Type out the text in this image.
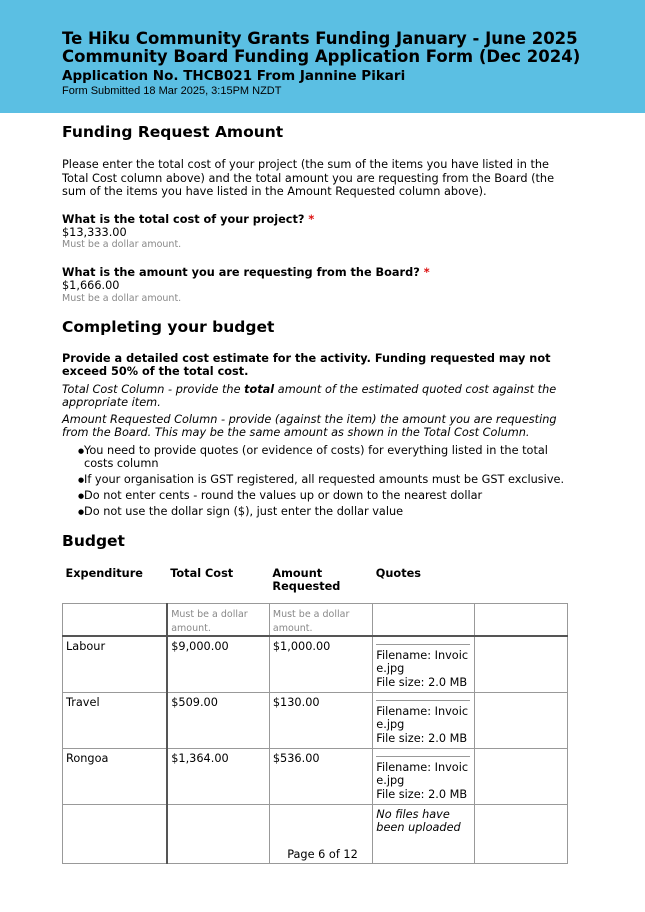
Te Hiku Community Grants Funding January - June 2025
Community Board Funding Application Form (Dec 2024)
Application No. THCB021 From Jannine Pikari
Form Submitted 18 Mar 2025, 3:15PM NZDT
Funding Request Amount

Please enter the total cost of your project (the sum of the items you have listed in the Total Cost column above) and the total amount you are requesting from the Board (the sum of the items you have listed in the Amount Requested column above).

What is the total cost of your project? *
$13,333.00
Must be a dollar amount.
What is the amount you are requesting from the Board? *
$1,666.00
Must be a dollar amount.
Completing your budget

Provide a detailed cost estimate for the activity. Funding requested may not exceed 50% of the total cost.

Total Cost Column - provide the total amount of the estimated quoted cost against the appropriate item.

Amount Requested Column - provide (against the item) the amount you are requesting from the Board. This may be the same amount as shown in the Total Cost Column.

● You need to provide quotes (or evidence of costs) for everything listed in the total costs column
● If your organisation is GST registered, all requested amounts must be GST exclusive.
● Do not enter cents - round the values up or down to the nearest dollar
● Do not use the dollar sign ($), just enter the dollar value
Budget
Expenditure	Total Cost	Amount Requested	Quotes	
	Must be a dollar amount.	Must be a dollar amount.		
Labour	$9,000.00	$1,000.00	Filename: Invoice.jpg
File size: 2.0 MB	

Travel	$509.00	$130.00	Filename: Invoice.jpg
File size: 2.0 MB	

Rongoa	$1,364.00	$536.00	Filename: Invoice.jpg
File size: 2.0 MB	

			No files have been uploaded	
Page 6 of 12
